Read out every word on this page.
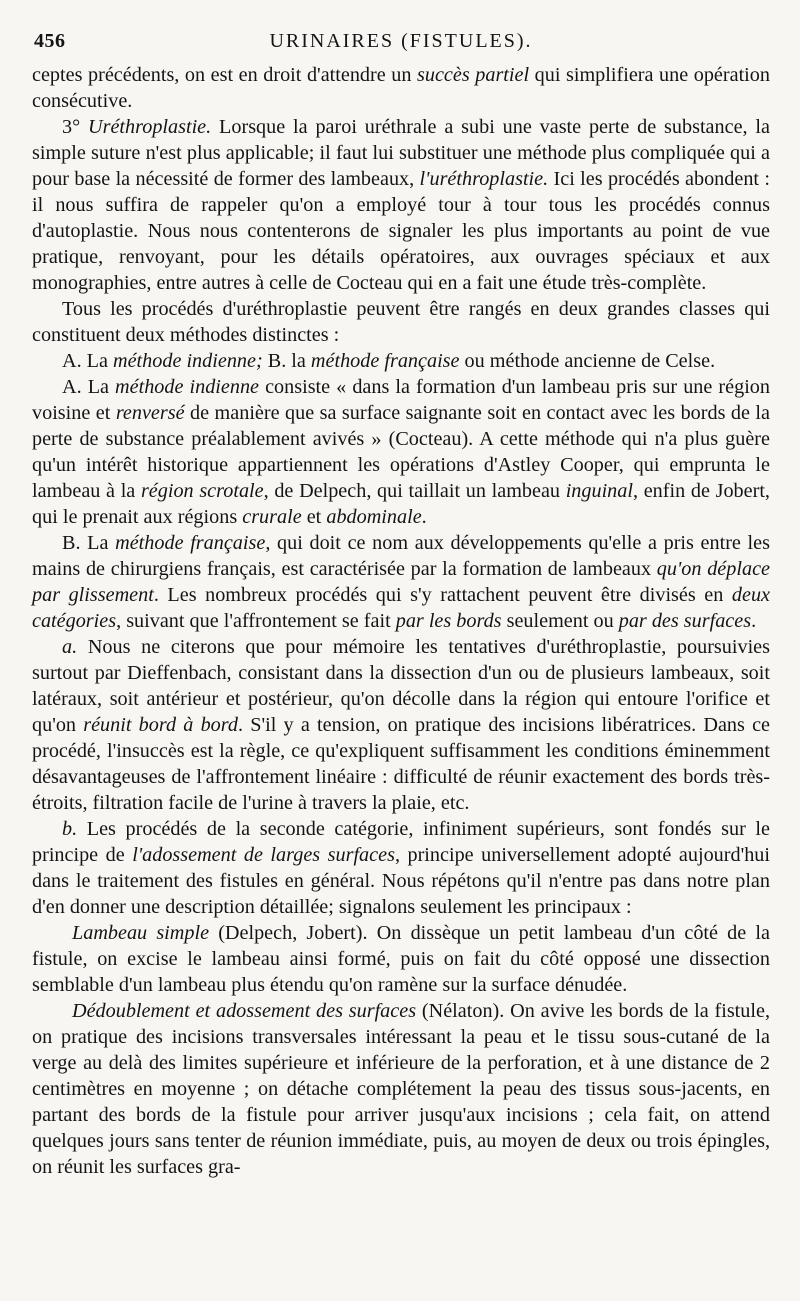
456	URINAIRES (FISTULES).

ceptes précédents, on est en droit d'attendre un succès partiel qui simplifiera une opération consécutive.

3° Uréthroplastie. Lorsque la paroi uréthrale a subi une vaste perte de substance, la simple suture n'est plus applicable; il faut lui substituer une méthode plus compliquée qui a pour base la nécessité de former des lambeaux, l'uréthroplastie. Ici les procédés abondent : il nous suffira de rappeler qu'on a employé tour à tour tous les procédés connus d'autoplastie. Nous nous contenterons de signaler les plus importants au point de vue pratique, renvoyant, pour les détails opératoires, aux ouvrages spéciaux et aux monographies, entre autres à celle de Cocteau qui en a fait une étude très-complète.

Tous les procédés d'uréthroplastie peuvent être rangés en deux grandes classes qui constituent deux méthodes distinctes :

A. La méthode indienne; B. la méthode française ou méthode ancienne de Celse.

A. La méthode indienne consiste « dans la formation d'un lambeau pris sur une région voisine et renversé de manière que sa surface saignante soit en contact avec les bords de la perte de substance préalablement avivés » (Cocteau). A cette méthode qui n'a plus guère qu'un intérêt historique appartiennent les opérations d'Astley Cooper, qui emprunta le lambeau à la région scrotale, de Delpech, qui taillait un lambeau inguinal, enfin de Jobert, qui le prenait aux régions crurale et abdominale.

B. La méthode française, qui doit ce nom aux développements qu'elle a pris entre les mains de chirurgiens français, est caractérisée par la formation de lambeaux qu'on déplace par glissement. Les nombreux procédés qui s'y rattachent peuvent être divisés en deux catégories, suivant que l'affrontement se fait par les bords seulement ou par des surfaces.

a. Nous ne citerons que pour mémoire les tentatives d'uréthroplastie, poursuivies surtout par Dieffenbach, consistant dans la dissection d'un ou de plusieurs lambeaux, soit latéraux, soit antérieur et postérieur, qu'on décolle dans la région qui entoure l'orifice et qu'on réunit bord à bord. S'il y a tension, on pratique des incisions libératrices. Dans ce procédé, l'insuccès est la règle, ce qu'expliquent suffisamment les conditions éminemment désavantageuses de l'affrontement linéaire : difficulté de réunir exactement des bords très-étroits, filtration facile de l'urine à travers la plaie, etc.

b. Les procédés de la seconde catégorie, infiniment supérieurs, sont fondés sur le principe de l'adossement de larges surfaces, principe universellement adopté aujourd'hui dans le traitement des fistules en général. Nous répétons qu'il n'entre pas dans notre plan d'en donner une description détaillée; signalons seulement les principaux :

Lambeau simple (Delpech, Jobert). On dissèque un petit lambeau d'un côté de la fistule, on excise le lambeau ainsi formé, puis on fait du côté opposé une dissection semblable d'un lambeau plus étendu qu'on ramène sur la surface dénudée.

Dédoublement et adossement des surfaces (Nélaton). On avive les bords de la fistule, on pratique des incisions transversales intéressant la peau et le tissu sous-cutané de la verge au delà des limites supérieure et inférieure de la perforation, et à une distance de 2 centimètres en moyenne ; on détache complétement la peau des tissus sous-jacents, en partant des bords de la fistule pour arriver jusqu'aux incisions ; cela fait, on attend quelques jours sans tenter de réunion immédiate, puis, au moyen de deux ou trois épingles, on réunit les surfaces gra-
